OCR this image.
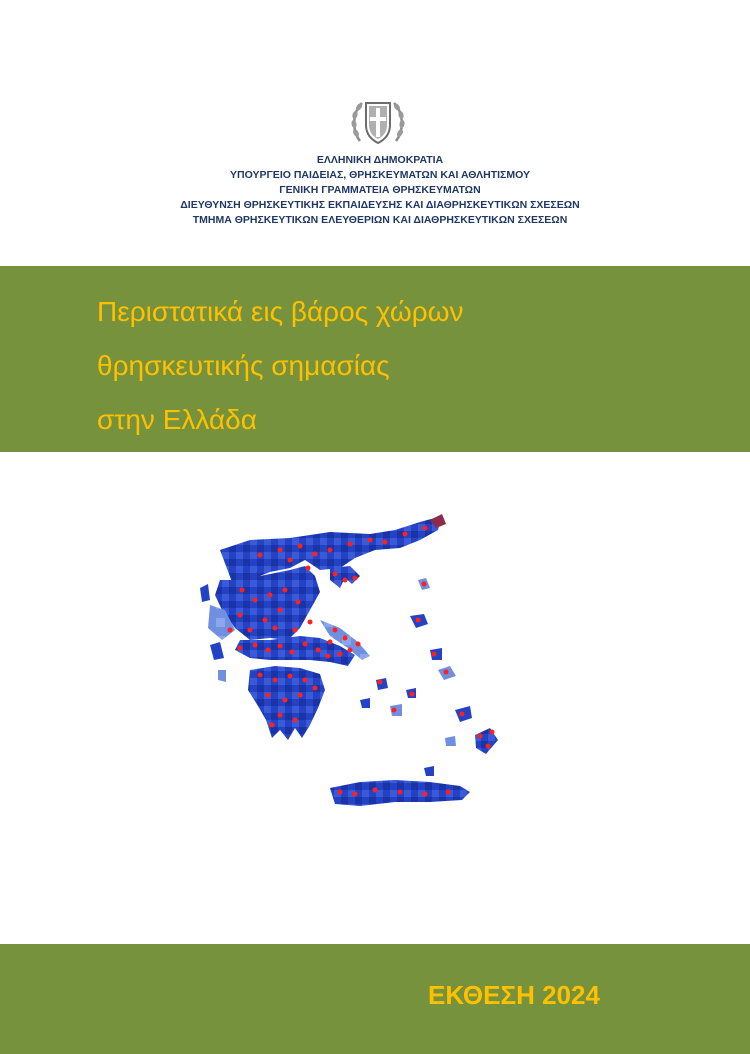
ΕΛΛΗΝΙΚΗ ΔΗΜΟΚΡΑΤΙΑ
ΥΠΟΥΡΓΕΙΟ ΠΑΙΔΕΙΑΣ, ΘΡΗΣΚΕΥΜΑΤΩΝ ΚΑΙ ΑΘΛΗΤΙΣΜΟΥ
ΓΕΝΙΚΗ ΓΡΑΜΜΑΤΕΙΑ ΘΡΗΣΚΕΥΜΑΤΩΝ
ΔΙΕΥΘΥΝΣΗ ΘΡΗΣΚΕΥΤΙΚΗΣ ΕΚΠΑΙΔΕΥΣΗΣ ΚΑΙ ΔΙΑΘΡΗΣΚΕΥΤΙΚΩΝ ΣΧΕΣΕΩΝ
ΤΜΗΜΑ ΘΡΗΣΚΕΥΤΙΚΩΝ ΕΛΕΥΘΕΡΙΩΝ ΚΑΙ ΔΙΑΘΡΗΣΚΕΥΤΙΚΩΝ ΣΧΕΣΕΩΝ
Περιστατικά εις βάρος χώρων
θρησκευτικής σημασίας
στην Ελλάδα
ΕΚΘΕΣΗ 2024
